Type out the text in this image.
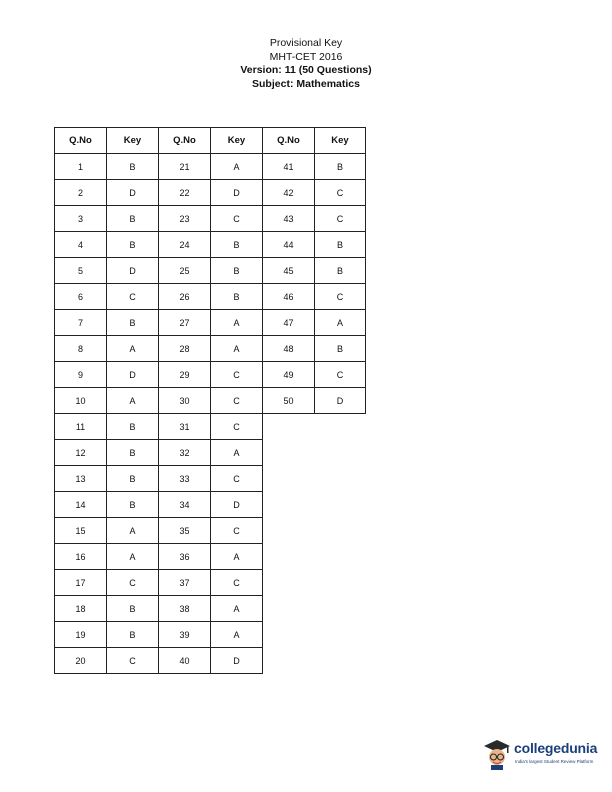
Provisional Key
MHT-CET 2016
Version: 11 (50 Questions)
Subject: Mathematics
Q.No	Key	Q.No	Key	Q.No	Key
1	B	21	A	41	B
2	D	22	D	42	C
3	B	23	C	43	C
4	B	24	B	44	B
5	D	25	B	45	B
6	C	26	B	46	C
7	B	27	A	47	A
8	A	28	A	48	B
9	D	29	C	49	C
10	A	30	C	50	D
11	B	31	C		
12	B	32	A		
13	B	33	C		
14	B	34	D		
15	A	35	C		
16	A	36	A		
17	C	37	C		
18	B	38	A		
19	B	39	A		
20	C	40	D		
collegedunia
India's largest Student Review Platform
